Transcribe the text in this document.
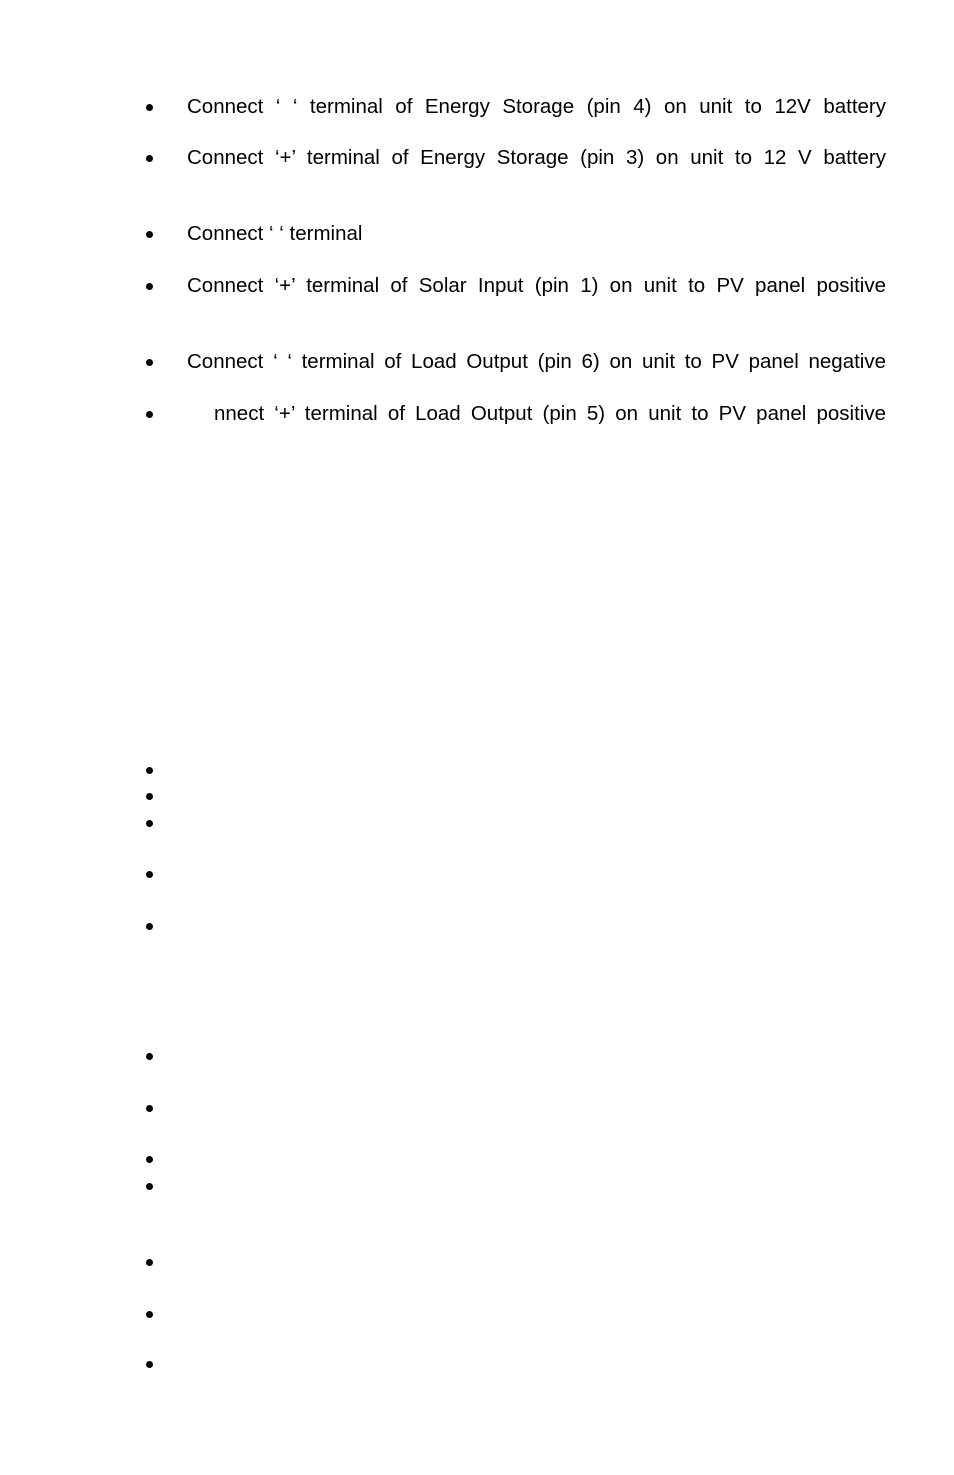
Connect ‘ ‘ terminal of Energy Storage (pin 4) on unit to 12V battery
Connect ‘+’ terminal of Energy Storage (pin 3) on unit to 12 V battery
Connect ‘ ‘ terminal
Connect ‘+’ terminal of Solar Input (pin 1) on unit to PV panel positive
Connect ‘ ‘ terminal of Load Output (pin 6) on unit to PV panel negative
nnect ‘+’ terminal of Load Output (pin 5) on unit to PV panel positive
